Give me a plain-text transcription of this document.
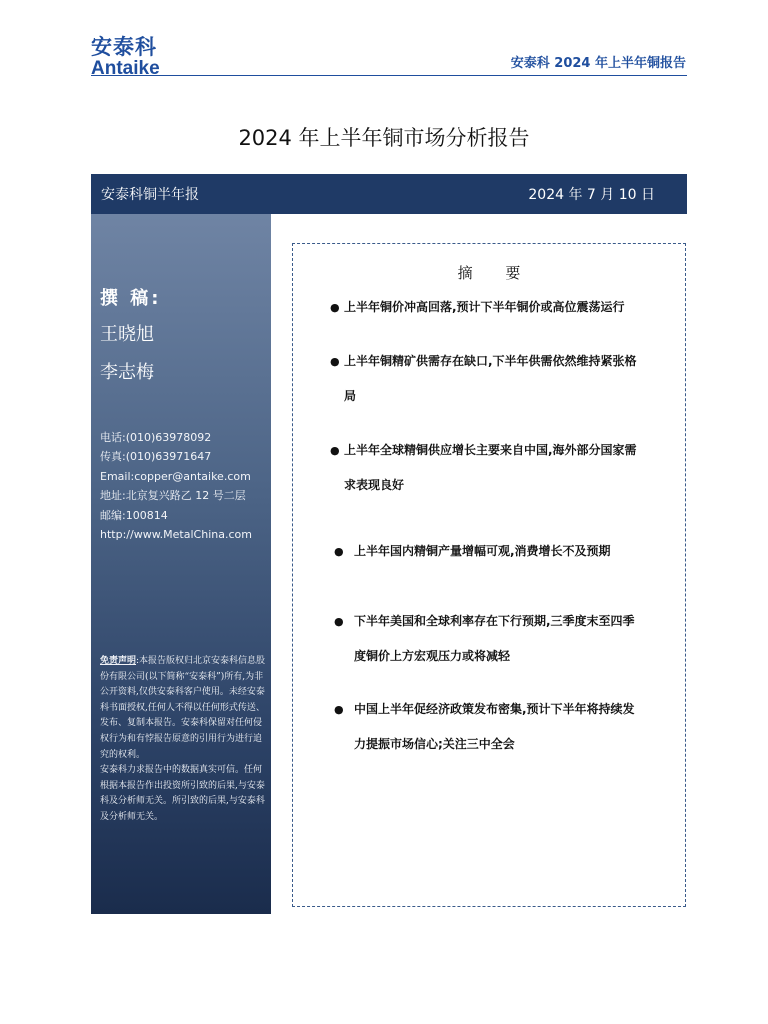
安泰科
Antaike	安泰科 2024 年上半年铜报告
2024 年上半年铜市场分析报告
安泰科铜半年报	2024 年 7 月 10 日
撰 稿:
王晓旭
李志梅
电话:(010)63978092
传真:(010)63971647
Email:copper@antaike.com
地址:北京复兴路乙 12 号二层
邮编:100814
http://www.MetalChina.com
免责声明:本报告版权归北京安泰科信息股份有限公司(以下简称“安泰科”)所有,为非公开资料,仅供安泰科客户使用。未经安泰科书面授权,任何人不得以任何形式传送、发布、复制本报告。安泰科保留对任何侵权行为和有悖报告原意的引用行为进行追究的权利。
安泰科力求报告中的数据真实可信。任何根据本报告作出投资所引致的后果,与安泰科及分析师无关。所引致的后果,与安泰科及分析师无关。
摘 要
● 上半年铜价冲高回落,预计下半年铜价或高位震荡运行
● 上半年铜精矿供需存在缺口,下半年供需依然维持紧张格
局
● 上半年全球精铜供应增长主要来自中国,海外部分国家需
求表现良好
● 上半年国内精铜产量增幅可观,消费增长不及预期
● 下半年美国和全球利率存在下行预期,三季度末至四季
度铜价上方宏观压力或将减轻
● 中国上半年促经济政策发布密集,预计下半年将持续发
力提振市场信心;关注三中全会
